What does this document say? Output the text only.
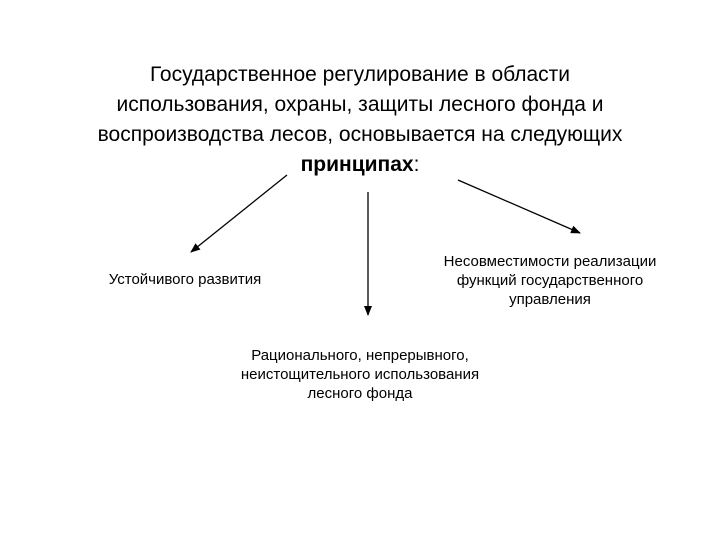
Государственное регулирование в области
использования, охраны, защиты лесного фонда и
воспроизводства лесов, основывается на следующих
принципах:
Устойчивого развития
Несовместимости реализации
функций государственного
управления
Рационального, непрерывного,
неистощительного использования
лесного фонда
